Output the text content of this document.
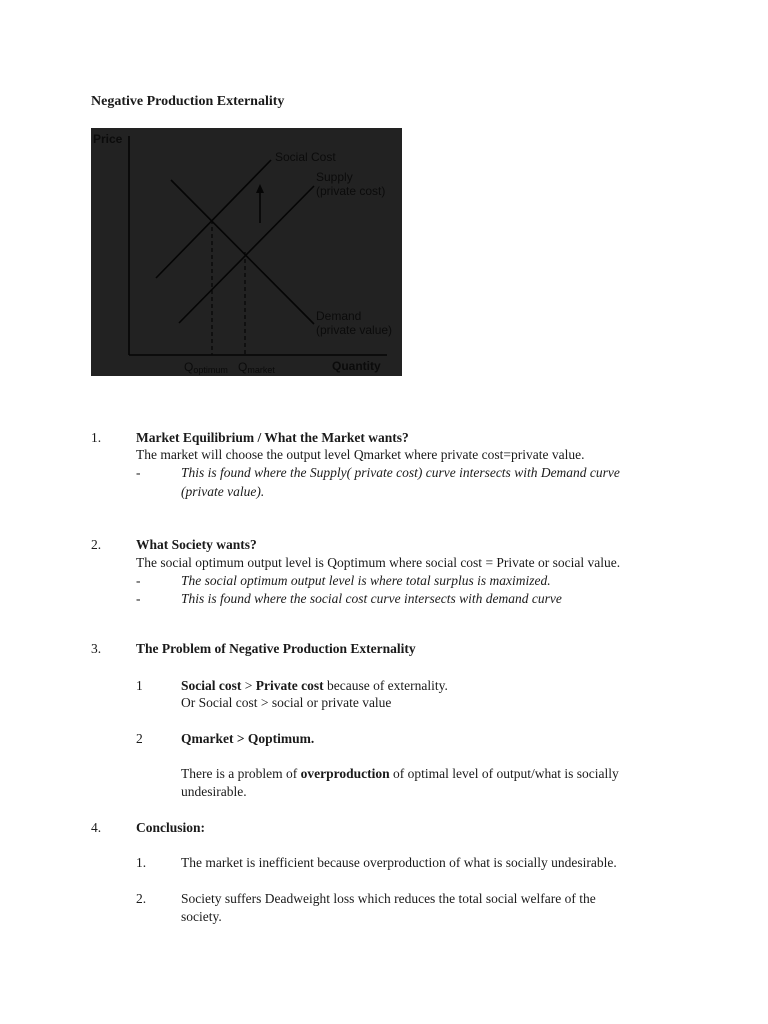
Negative Production Externality
Price
Quantity
Social Cost
Supply
(private cost)
Demand
(private value)
Qoptimum Qmarket
1.	Market Equilibrium / What the Market wants?
The market will choose the output level Qmarket where private cost=private value.
-	This is found where the Supply( private cost) curve intersects with Demand curve
(private value).
2.	What Society wants?
The social optimum output level is Qoptimum where social cost = Private or social value.
-	The social optimum output level is where total surplus is maximized.
-	This is found where the social cost curve intersects with demand curve
3.	The Problem of Negative Production Externality
1	Social cost > Private cost because of externality.
Or Social cost > social or private value
2	Qmarket > Qoptimum.
There is a problem of overproduction of optimal level of output/what is socially
undesirable.
4.	Conclusion:
1.	The market is inefficient because overproduction of what is socially undesirable.
2.	Society suffers Deadweight loss which reduces the total social welfare of the
society.
